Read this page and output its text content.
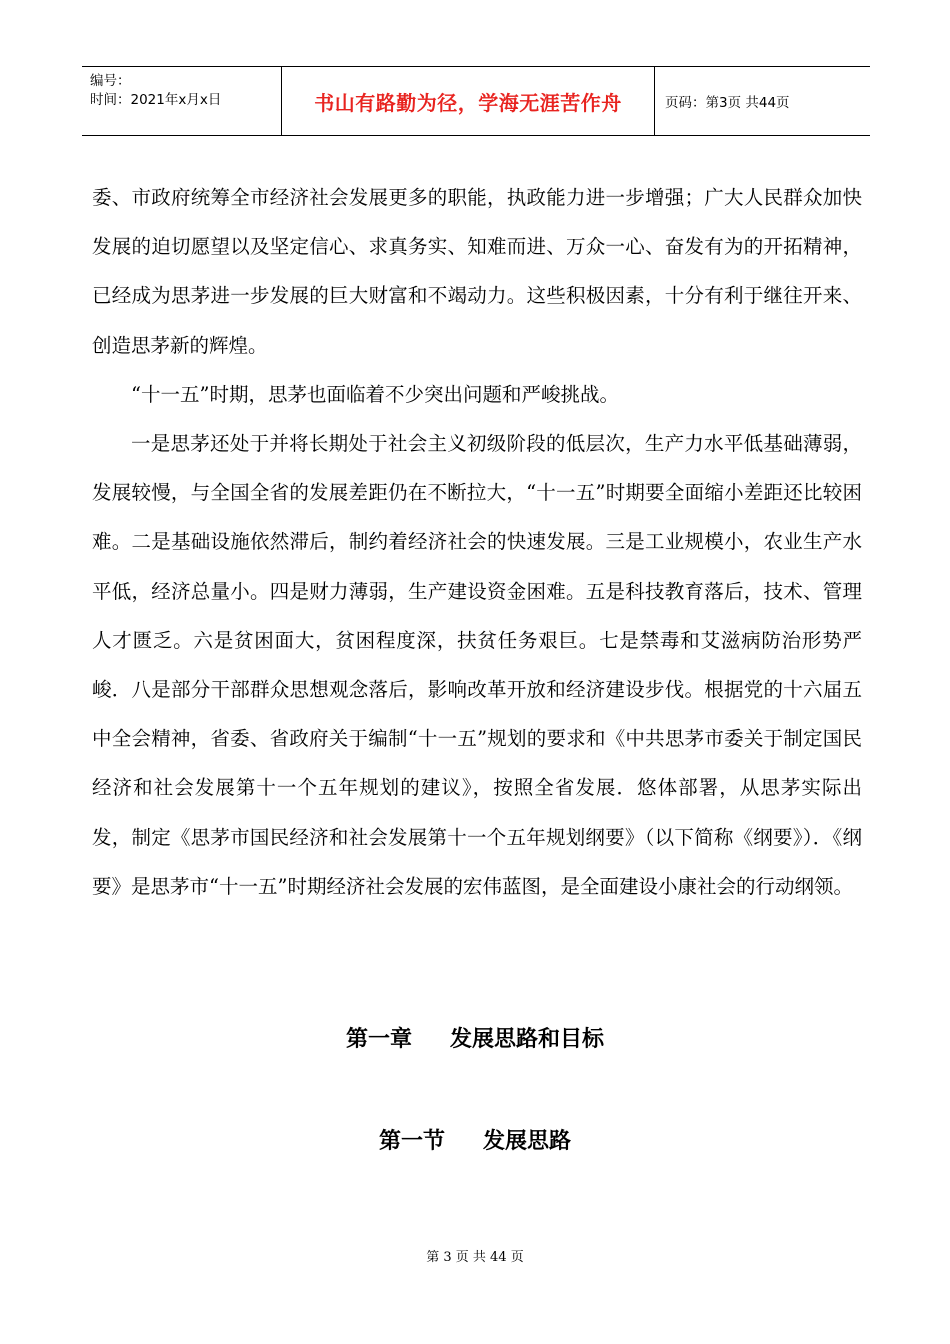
编号：
时间：2021年x月x日	书山有路勤为径，学海无涯苦作舟	页码：第3页 共44页

委、市政府统筹全市经济社会发展更多的职能，执政能力进一步增强；广大人民群众加快发展的迫切愿望以及坚定信心、求真务实、知难而进、万众一心、奋发有为的开拓精神，已经成为思茅进一步发展的巨大财富和不竭动力。这些积极因素，十分有利于继往开来、创造思茅新的辉煌。

“十一五”时期，思茅也面临着不少突出问题和严峻挑战。

一是思茅还处于并将长期处于社会主义初级阶段的低层次，生产力水平低基础薄弱，发展较慢，与全国全省的发展差距仍在不断拉大，“十一五”时期要全面缩小差距还比较困难。二是基础设施依然滞后，制约着经济社会的快速发展。三是工业规模小，农业生产水平低，经济总量小。四是财力薄弱，生产建设资金困难。五是科技教育落后，技术、管理人才匮乏。六是贫困面大，贫困程度深，扶贫任务艰巨。七是禁毒和艾滋病防治形势严峻．八是部分干部群众思想观念落后，影响改革开放和经济建设步伐。根据党的十六届五中全会精神，省委、省政府关于编制“十一五”规划的要求和《中共思茅市委关于制定国民经济和社会发展第十一个五年规划的建议》，按照全省发展．悠体部署，从思茅实际出发，制定《思茅市国民经济和社会发展第十一个五年规划纲要》（以下简称《纲要》）．《纲要》是思茅市“十一五”时期经济社会发展的宏伟蓝图，是全面建设小康社会的行动纲领。

第一章 发展思路和目标
第一节 发展思路
第 3 页 共 44 页
